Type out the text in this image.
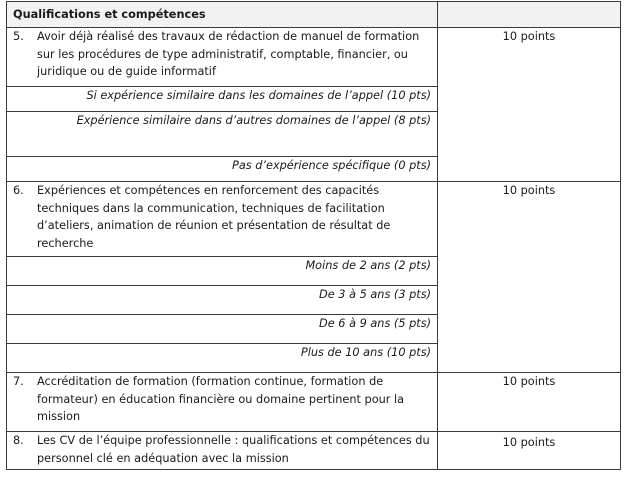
Qualifications et compétences	

5. Avoir déjà réalisé des travaux de rédaction de manuel de formation sur les procédures de type administratif, comptable, financier, ou juridique ou de guide informatif	10 points
Si expérience similaire dans les domaines de l’appel (10 pts)	
Expérience similaire dans d’autres domaines de l’appel (8 pts)	
Pas d’expérience spécifique (0 pts)	

6. Expériences et compétences en renforcement des capacités techniques dans la communication, techniques de facilitation d’ateliers, animation de réunion et présentation de résultat de recherche	10 points
Moins de 2 ans (2 pts)	
De 3 à 5 ans (3 pts)	
De 6 à 9 ans (5 pts)	
Plus de 10 ans (10 pts)	

7. Accréditation de formation (formation continue, formation de formateur) en éducation financière ou domaine pertinent pour la mission	10 points

8. Les CV de l’équipe professionnelle : qualifications et compétences du personnel clé en adéquation avec la mission	10 points
